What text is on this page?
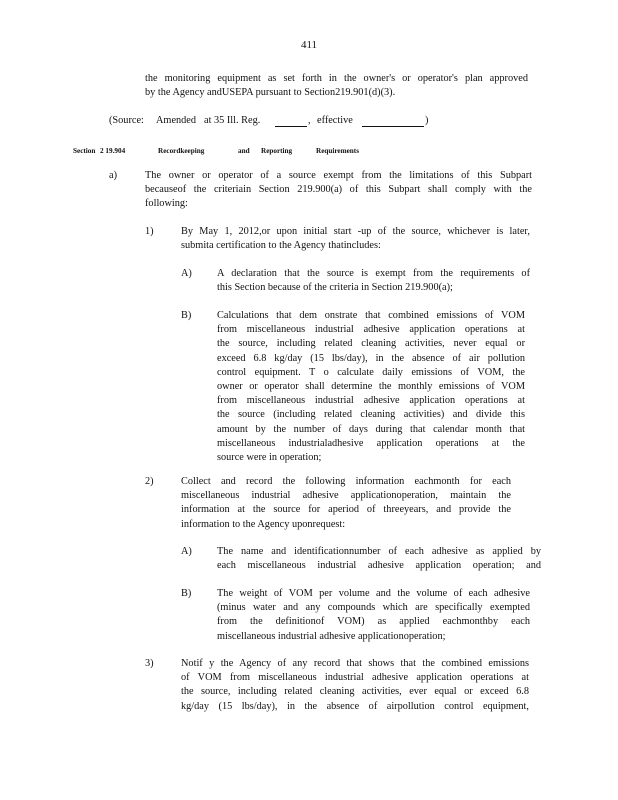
411
the monitoring equipment as set forth in the owner's or operator's plan approved
by the Agency andUSEPA pursuant to Section219.901(d)(3).
(Source: Amended at 35 Ill. Reg.	, effective	)
Section 2 19.904	Recordkeeping	and Reporting	Requirements
a)	The owner or operator of a source exempt from the limitations of this Subpart
becauseof the criteriain Section 219.900(a) of this Subpart shall comply with the
following:
1)	By May 1, 2012,or upon initial start -up of the source, whichever is later,
submita certification to the Agency thatincludes:
A) A declaration that the source is exempt from the requirements of
this Section because of the criteria in Section 219.900(a);
B) Calculations that dem onstrate that combined emissions of VOM
from miscellaneous industrial adhesive application operations at
the source, including related cleaning activities, never equal or
exceed 6.8 kg/day (15 lbs/day), in the absence of air pollution
control equipment. T o calculate daily emissions of VOM, the
owner or operator shall determine the monthly emissions of VOM
from miscellaneous industrial adhesive application operations at
the source (including related cleaning activities) and divide this
amount by the number of days during that calendar month that
miscellaneous industrialadhesive application operations at the
source were in operation;
2)	Collect and record the following information eachmonth for each
miscellaneous industrial adhesive applicationoperation, maintain the
information at the source for aperiod of threeyears, and provide the
information to the Agency uponrequest:
A) The name and identificationnumber of each adhesive as applied by
each miscellaneous industrial adhesive application operation; and
B) The weight of VOM per volume and the volume of each adhesive
(minus water and any compounds which are specifically exempted
from the definitionof VOM) as applied eachmonthby each
miscellaneous industrial adhesive applicationoperation;
3)	Notif y the Agency of any record that shows that the combined emissions
of VOM from miscellaneous industrial adhesive application operations at
the source, including related cleaning activities, ever equal or exceed 6.8
kg/day (15 lbs/day), in the absence of airpollution control equipment,
